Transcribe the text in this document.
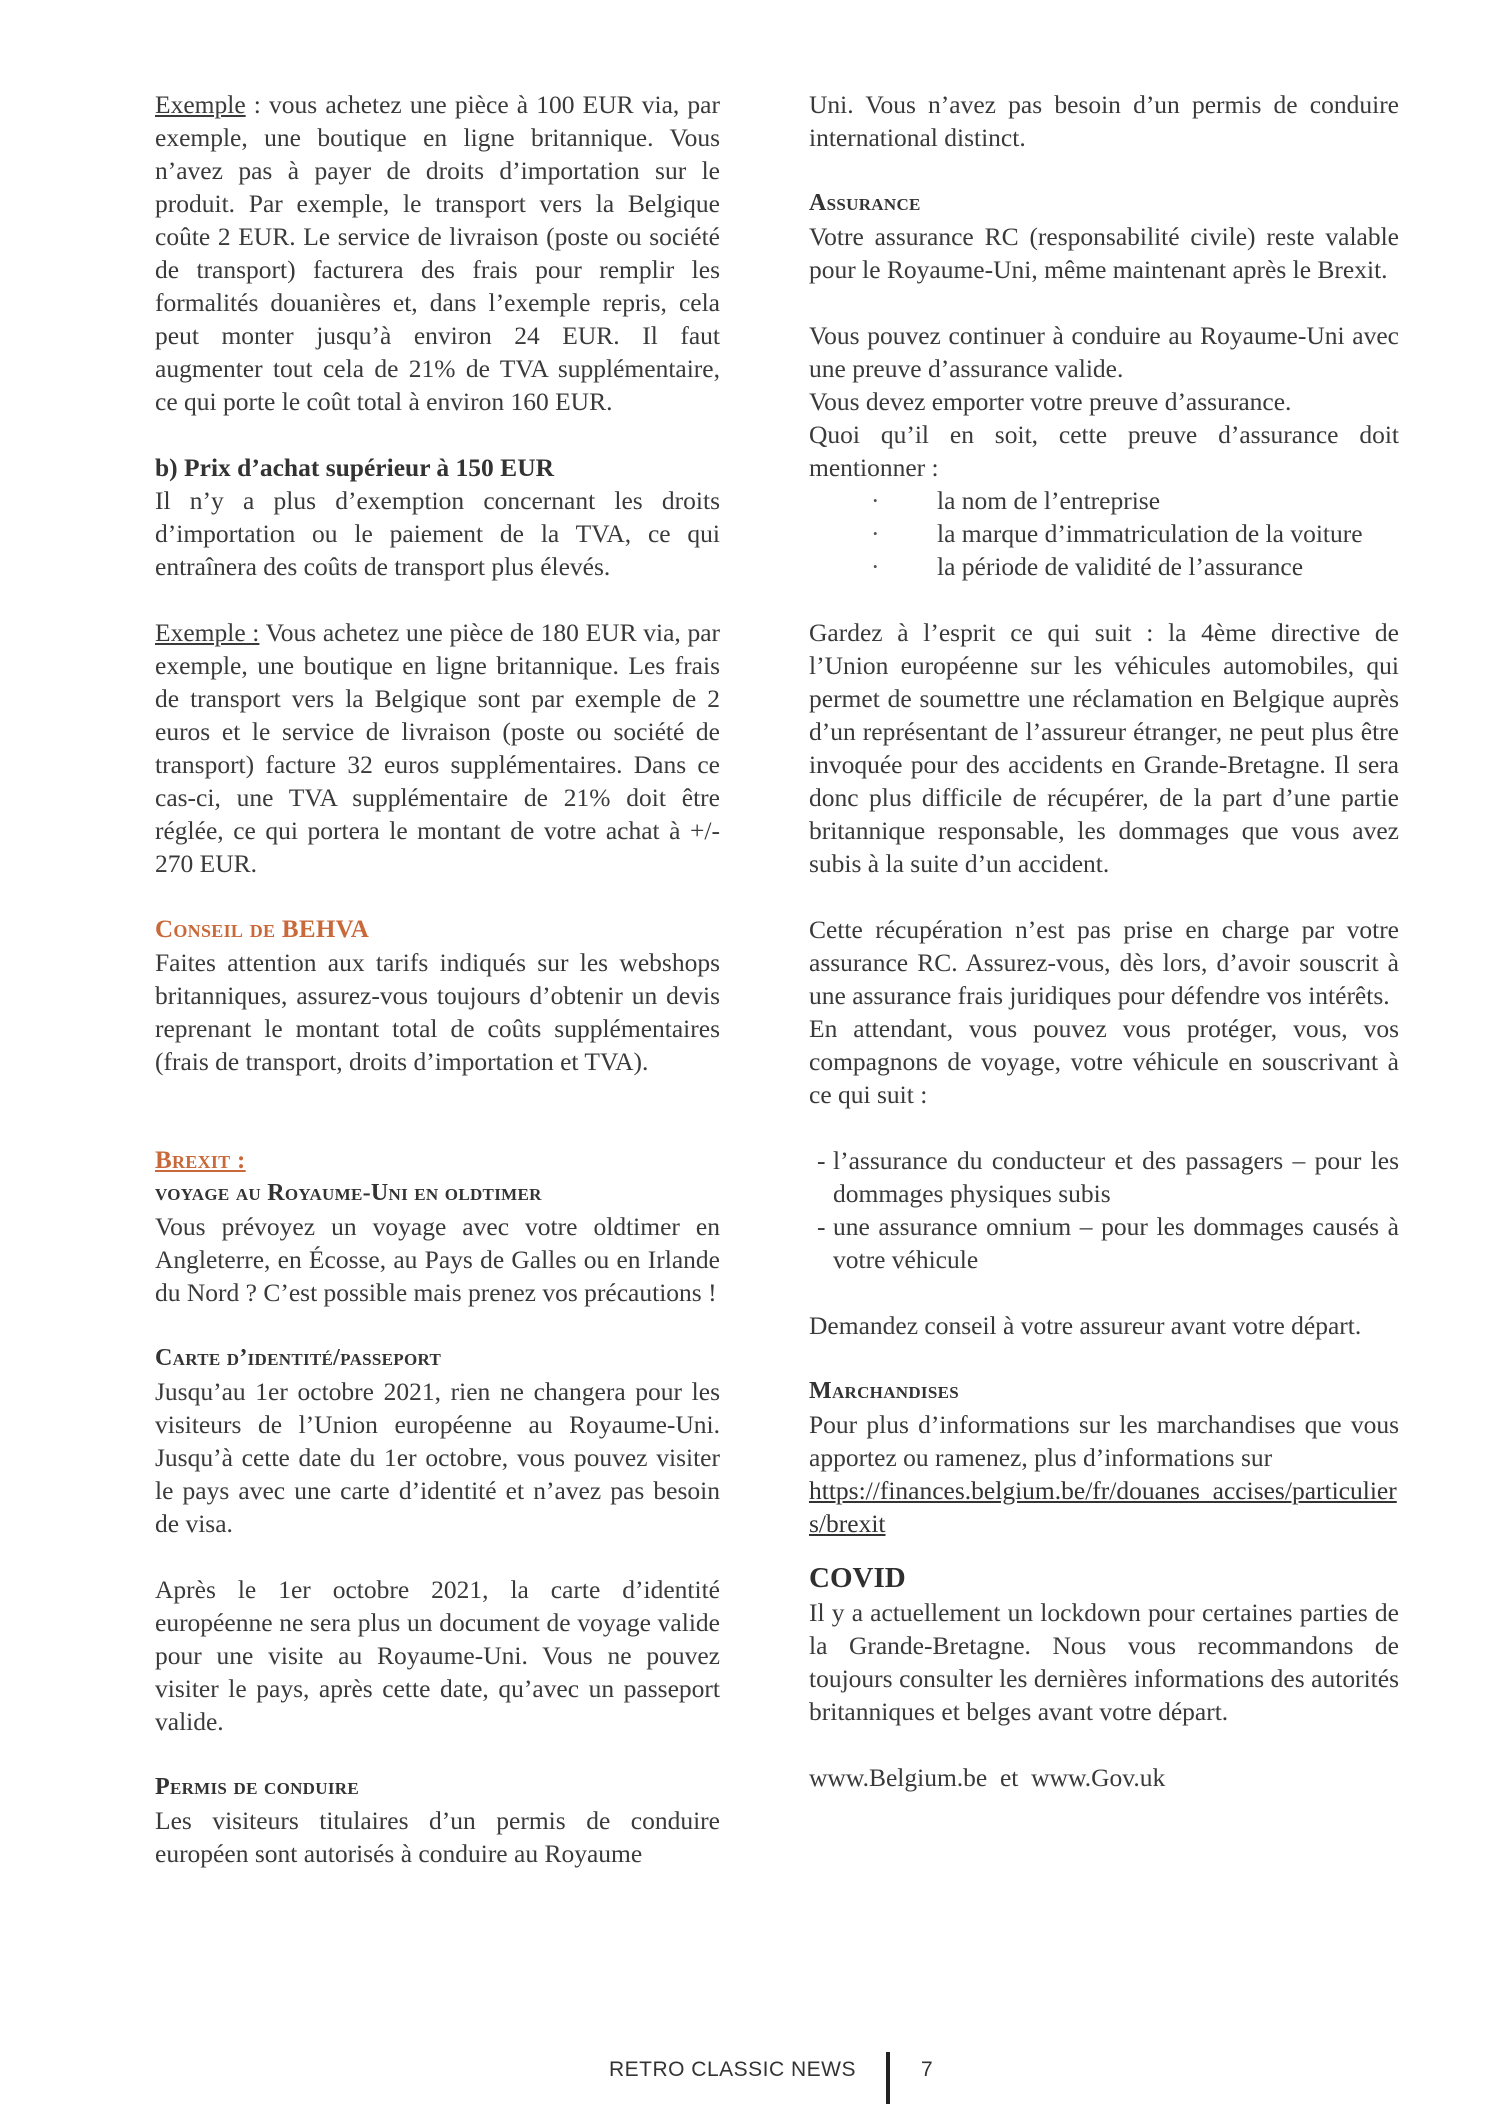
Exemple : vous achetez une pièce à 100 EUR via, par exemple, une boutique en ligne britannique. Vous n’avez pas à payer de droits d’importation sur le produit. Par exemple, le transport vers la Belgique coûte 2 EUR. Le service de livraison (poste ou société de transport) facturera des frais pour remplir les formalités douanières et, dans l’exemple repris, cela peut monter jusqu’à environ 24 EUR. Il faut augmenter tout cela de 21% de TVA supplémentaire, ce qui porte le coût total à environ 160 EUR.

b) Prix d’achat supérieur à 150 EUR

Il n’y a plus d’exemption concernant les droits d’importation ou le paiement de la TVA, ce qui entraînera des coûts de transport plus élevés.

Exemple : Vous achetez une pièce de 180 EUR via, par exemple, une boutique en ligne britannique. Les frais de transport vers la Belgique sont par exemple de 2 euros et le service de livraison (poste ou société de transport) facture 32 euros supplémentaires. Dans ce cas-ci, une TVA supplémentaire de 21% doit être réglée, ce qui portera le montant de votre achat à +/- 270 EUR.

Conseil de BEHVA

Faites attention aux tarifs indiqués sur les webshops britanniques, assurez-vous toujours d’obtenir un devis reprenant le montant total de coûts supplémentaires (frais de transport, droits d’importation et TVA).

Brexit :

voyage au Royaume-Uni en oldtimer

Vous prévoyez un voyage avec votre oldtimer en Angleterre, en Écosse, au Pays de Galles ou en Irlande du Nord ? C’est possible mais prenez vos précautions !

Carte d’identité/passeport

Jusqu’au 1er octobre 2021, rien ne changera pour les visiteurs de l’Union européenne au Royaume-Uni. Jusqu’à cette date du 1er octobre, vous pouvez visiter le pays avec une carte d’identité et n’avez pas besoin de visa.

Après le 1er octobre 2021, la carte d’identité européenne ne sera plus un document de voyage valide pour une visite au Royaume-Uni. Vous ne pouvez visiter le pays, après cette date, qu’avec un passeport valide.

Permis de conduire

Les visiteurs titulaires d’un permis de conduire européen sont autorisés à conduire au Royaume

Uni. Vous n’avez pas besoin d’un permis de conduire international distinct.

Assurance

Votre assurance RC (responsabilité civile) reste valable pour le Royaume-Uni, même maintenant après le Brexit.

Vous pouvez continuer à conduire au Royaume-Uni avec une preuve d’assurance valide.

Vous devez emporter votre preuve d’assurance.

Quoi qu’il en soit, cette preuve d’assurance doit mentionner :

· la nom de l’entreprise
· la marque d’immatriculation de la voiture
· la période de validité de l’assurance

Gardez à l’esprit ce qui suit : la 4ème directive de l’Union européenne sur les véhicules automobiles, qui permet de soumettre une réclamation en Belgique auprès d’un représentant de l’assureur étranger, ne peut plus être invoquée pour des accidents en Grande-Bretagne. Il sera donc plus difficile de récupérer, de la part d’une partie britannique responsable, les dommages que vous avez subis à la suite d’un accident.

Cette récupération n’est pas prise en charge par votre assurance RC. Assurez-vous, dès lors, d’avoir souscrit à une assurance frais juridiques pour défendre vos intérêts.

En attendant, vous pouvez vous protéger, vous, vos compagnons de voyage, votre véhicule en souscrivant à ce qui suit :

- l’assurance du conducteur et des passagers – pour les dommages physiques subis
- une assurance omnium – pour les dommages causés à votre véhicule

Demandez conseil à votre assureur avant votre départ.

Marchandises

Pour plus d’informations sur les marchandises que vous apportez ou ramenez, plus d’informations sur

https://finances.belgium.be/fr/douanes_accises/particuliers/brexit

COVID

Il y a actuellement un lockdown pour certaines parties de la Grande-Bretagne. Nous vous recommandons de toujours consulter les dernières informations des autorités britanniques et belges avant votre départ.

www.Belgium.be  et  www.Gov.uk

RETRO CLASSIC NEWS	7
